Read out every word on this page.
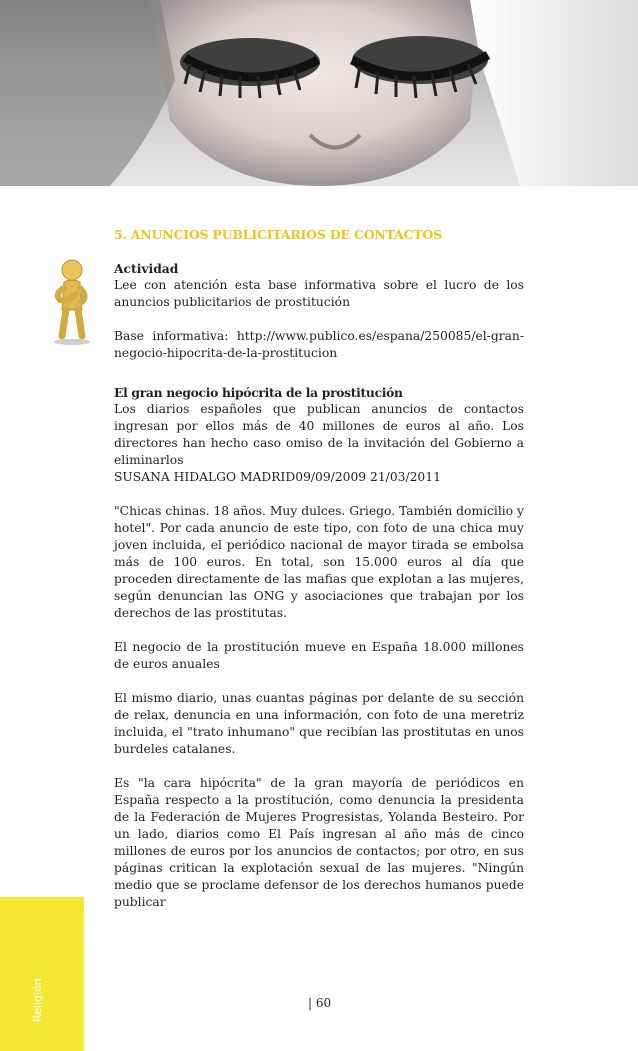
5. ANUNCIOS PUBLICITARIOS DE CONTACTOS
Actividad

Lee con atención esta base informativa sobre el lucro de los anuncios publicitarios de prostitución

Base informativa: http://www.publico.es/espana/250085/el-gran-negocio-hipocrita-de-la-prostitucion

El gran negocio hipócrita de la prostitución

Los diarios españoles que publican anuncios de contactos ingresan por ellos más de 40 millones de euros al año. Los directores han hecho caso omiso de la invitación del Gobierno a eliminarlos

SUSANA HIDALGO MADRID09/09/2009 21/03/2011

"Chicas chinas. 18 años. Muy dulces. Griego. También domicilio y hotel". Por cada anuncio de este tipo, con foto de una chica muy joven incluida, el periódico nacional de mayor tirada se embolsa más de 100 euros. En total, son 15.000 euros al día que proceden directamente de las mafias que explotan a las mujeres, según denuncian las ONG y asociaciones que trabajan por los derechos de las prostitutas.

El negocio de la prostitución mueve en España 18.000 millones de euros anuales

El mismo diario, unas cuantas páginas por delante de su sección de relax, denuncia en una información, con foto de una meretriz incluida, el "trato inhumano" que recibían las prostitutas en unos burdeles catalanes.

Es "la cara hipócrita" de la gran mayoría de periódicos en España respecto a la prostitución, como denuncia la presidenta de la Federación de Mujeres Progresistas, Yolanda Besteiro. Por un lado, diarios como El País ingresan al año más de cinco millones de euros por los anuncios de contactos; por otro, en sus páginas critican la explotación sexual de las mujeres. "Ningún medio que se proclame defensor de los derechos humanos puede publicar

Religión	| 60
